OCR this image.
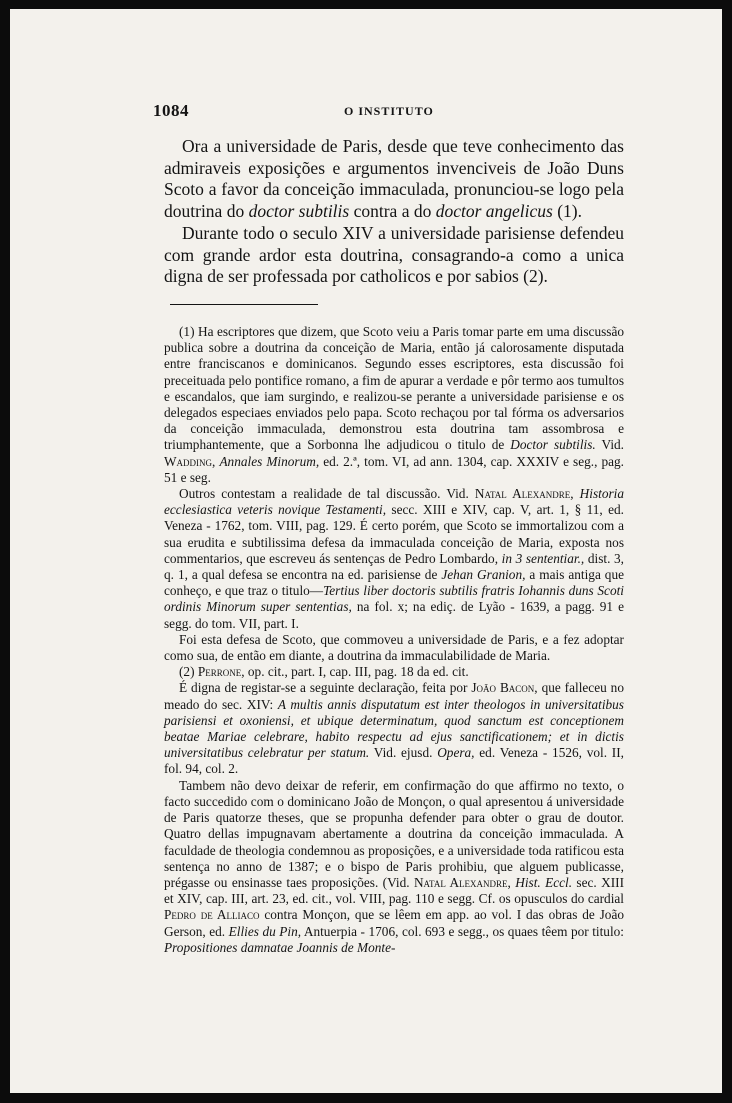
1084	O INSTITUTO

Ora a universidade de Paris, desde que teve conhecimento das admiraveis exposições e argumentos invenciveis de João Duns Scoto a favor da conceição immaculada, pronunciou-se logo pela doutrina do doctor subtilis contra a do doctor angelicus (1).

Durante todo o seculo XIV a universidade parisiense defendeu com grande ardor esta doutrina, consagrando-a como a unica digna de ser professada por catholicos e por sabios (2).

(1) Ha escriptores que dizem, que Scoto veiu a Paris tomar parte em uma discussão publica sobre a doutrina da conceição de Maria, então já calorosamente disputada entre franciscanos e dominicanos. Segundo esses escriptores, esta discussão foi preceituada pelo pontifice romano, a fim de apurar a verdade e pôr termo aos tumultos e escandalos, que iam surgindo, e realizou-se perante a universidade parisiense e os delegados especiaes enviados pelo papa. Scoto rechaçou por tal fórma os adversarios da conceição immaculada, demonstrou esta doutrina tam assombrosa e triumphantemente, que a Sorbonna lhe adjudicou o titulo de Doctor subtilis. Vid. Wadding, Annales Minorum, ed. 2.ª, tom. VI, ad ann. 1304, cap. XXXIV e seg., pag. 51 e seg.

Outros contestam a realidade de tal discussão. Vid. Natal Alexandre, Historia ecclesiastica veteris novique Testamenti, secc. XIII e XIV, cap. V, art. 1, § 11, ed. Veneza - 1762, tom. VIII, pag. 129. É certo porém, que Scoto se immortalizou com a sua erudita e subtilissima defesa da immaculada conceição de Maria, exposta nos commentarios, que escreveu ás sentenças de Pedro Lombardo, in 3 sententiar., dist. 3, q. 1, a qual defesa se encontra na ed. parisiense de Jehan Granion, a mais antiga que conheço, e que traz o titulo—Tertius liber doctoris subtilis fratris Iohannis duns Scoti ordinis Minorum super sententias, na fol. x; na ediç. de Lyão - 1639, a pagg. 91 e segg. do tom. VII, part. I.

Foi esta defesa de Scoto, que commoveu a universidade de Paris, e a fez adoptar como sua, de então em diante, a doutrina da immaculabilidade de Maria.

(2) Perrone, op. cit., part. I, cap. III, pag. 18 da ed. cit.

É digna de registar-se a seguinte declaração, feita por João Bacon, que falleceu no meado do sec. XIV: A multis annis disputatum est inter theologos in universitatibus parisiensi et oxoniensi, et ubique determinatum, quod sanctum est conceptionem beatae Mariae celebrare, habito respectu ad ejus sanctificationem; et in dictis universitatibus celebratur per statum. Vid. ejusd. Opera, ed. Veneza - 1526, vol. II, fol. 94, col. 2.

Tambem não devo deixar de referir, em confirmação do que affirmo no texto, o facto succedido com o dominicano João de Monçon, o qual apresentou á universidade de Paris quatorze theses, que se propunha defender para obter o grau de doutor. Quatro dellas impugnavam abertamente a doutrina da conceição immaculada. A faculdade de theologia condemnou as proposições, e a universidade toda ratificou esta sentença no anno de 1387; e o bispo de Paris prohibiu, que alguem publicasse, prégasse ou ensinasse taes proposições. (Vid. Natal Alexandre, Hist. Eccl. sec. XIII et XIV, cap. III, art. 23, ed. cit., vol. VIII, pag. 110 e segg. Cf. os opusculos do cardial Pedro de Alliaco contra Monçon, que se lêem em app. ao vol. I das obras de João Gerson, ed. Ellies du Pin, Antuerpia - 1706, col. 693 e segg., os quaes têem por titulo: Propositiones damnatae Joannis de Monte-
